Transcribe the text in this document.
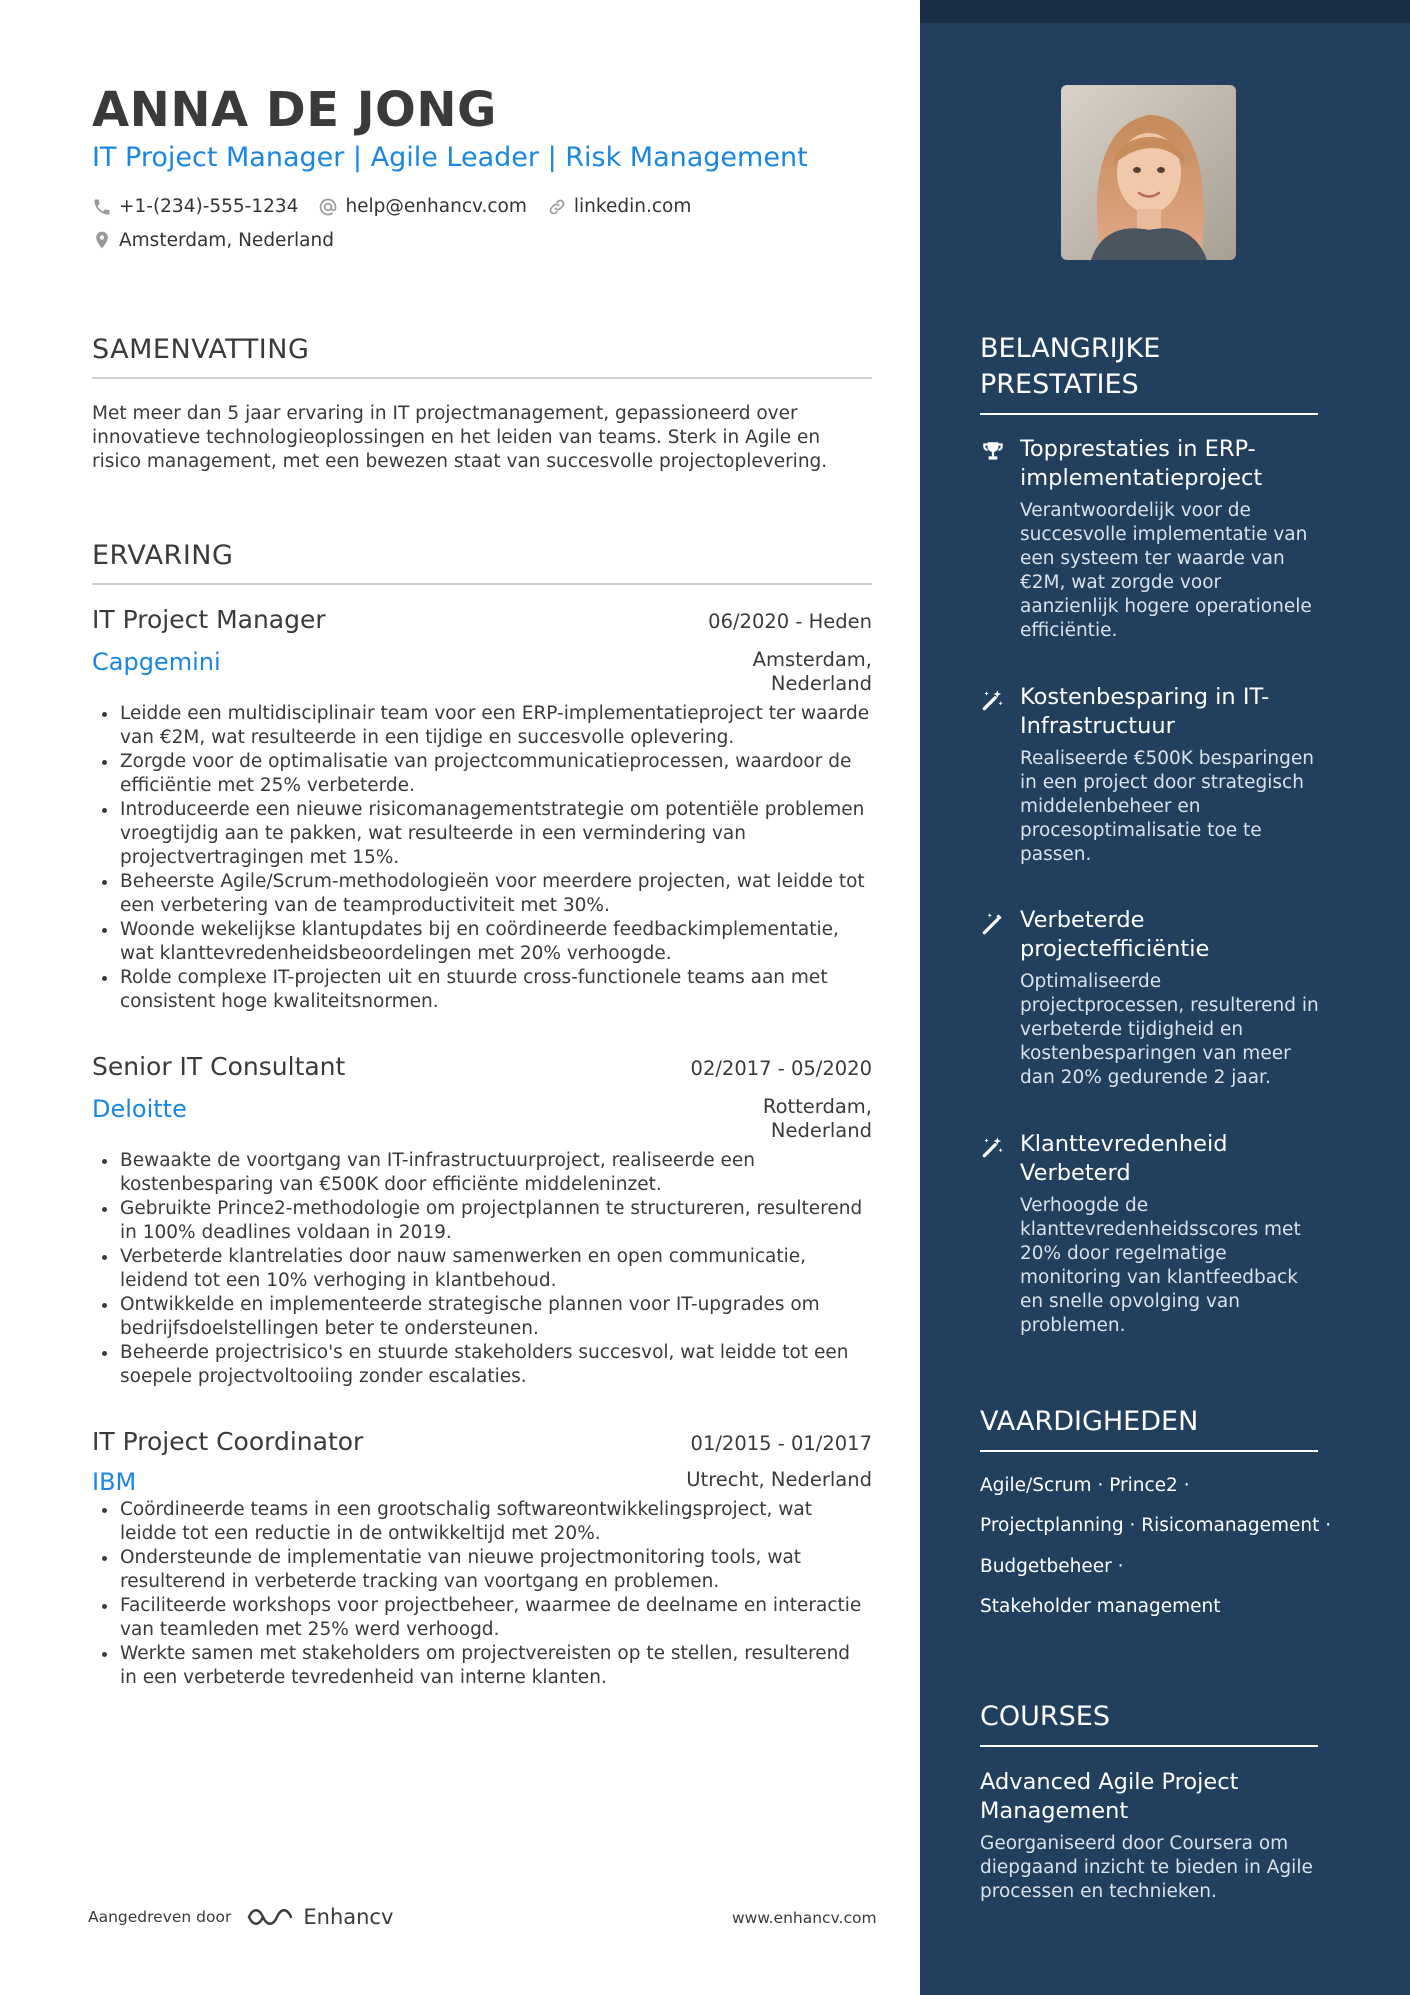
ANNA DE JONG
IT Project Manager | Agile Leader | Risk Management
+1-(234)-555-1234	help@enhancv.com	linkedin.com
Amsterdam, Nederland
SAMENVATTING

Met meer dan 5 jaar ervaring in IT projectmanagement, gepassioneerd over innovatieve technologieoplossingen en het leiden van teams. Sterk in Agile en risico management, met een bewezen staat van succesvolle projectoplevering.

ERVARING
IT Project Manager	06/2020 - Heden
Capgemini	Amsterdam,
Nederland
• Leidde een multidisciplinair team voor een ERP-implementatieproject ter waarde van €2M, wat resulteerde in een tijdige en succesvolle oplevering.
• Zorgde voor de optimalisatie van projectcommunicatieprocessen, waardoor de efficiëntie met 25% verbeterde.
• Introduceerde een nieuwe risicomanagementstrategie om potentiële problemen vroegtijdig aan te pakken, wat resulteerde in een vermindering van projectvertragingen met 15%.
• Beheerste Agile/Scrum-methodologieën voor meerdere projecten, wat leidde tot een verbetering van de teamproductiviteit met 30%.
• Woonde wekelijkse klantupdates bij en coördineerde feedbackimplementatie, wat klanttevredenheidsbeoordelingen met 20% verhoogde.
• Rolde complexe IT-projecten uit en stuurde cross-functionele teams aan met consistent hoge kwaliteitsnormen.
Senior IT Consultant	02/2017 - 05/2020
Deloitte	Rotterdam,
Nederland
• Bewaakte de voortgang van IT-infrastructuurproject, realiseerde een kostenbesparing van €500K door efficiënte middeleninzet.
• Gebruikte Prince2-methodologie om projectplannen te structureren, resulterend in 100% deadlines voldaan in 2019.
• Verbeterde klantrelaties door nauw samenwerken en open communicatie, leidend tot een 10% verhoging in klantbehoud.
• Ontwikkelde en implementeerde strategische plannen voor IT-upgrades om bedrijfsdoelstellingen beter te ondersteunen.
• Beheerde projectrisico's en stuurde stakeholders succesvol, wat leidde tot een soepele projectvoltooiing zonder escalaties.
IT Project Coordinator	01/2015 - 01/2017
IBM	Utrecht, Nederland
• Coördineerde teams in een grootschalig softwareontwikkelingsproject, wat leidde tot een reductie in de ontwikkeltijd met 20%.
• Ondersteunde de implementatie van nieuwe projectmonitoring tools, wat resulterend in verbeterde tracking van voortgang en problemen.
• Faciliteerde workshops voor projectbeheer, waarmee de deelname en interactie van teamleden met 25% werd verhoogd.
• Werkte samen met stakeholders om projectvereisten op te stellen, resulterend in een verbeterde tevredenheid van interne klanten.
Aangedreven door	Enhancv	www.enhancv.com
BELANGRIJKE PRESTATIES
Topprestaties in ERP-implementatieproject
Verantwoordelijk voor de succesvolle implementatie van een systeem ter waarde van €2M, wat zorgde voor aanzienlijk hogere operationele efficiëntie.
Kostenbesparing in IT-Infrastructuur
Realiseerde €500K besparingen in een project door strategisch middelenbeheer en procesoptimalisatie toe te passen.
Verbeterde projectefficiëntie
Optimaliseerde projectprocessen, resulterend in verbeterde tijdigheid en kostenbesparingen van meer dan 20% gedurende 2 jaar.
Klanttevredenheid Verbeterd
Verhoogde de klanttevredenheidsscores met 20% door regelmatige monitoring van klantfeedback en snelle opvolging van problemen.
VAARDIGHEDEN
Agile/Scrum · Prince2 ·
Projectplanning · Risicomanagement ·
Budgetbeheer ·
Stakeholder management
COURSES
Advanced Agile Project Management
Georganiseerd door Coursera om diepgaand inzicht te bieden in Agile processen en technieken.
